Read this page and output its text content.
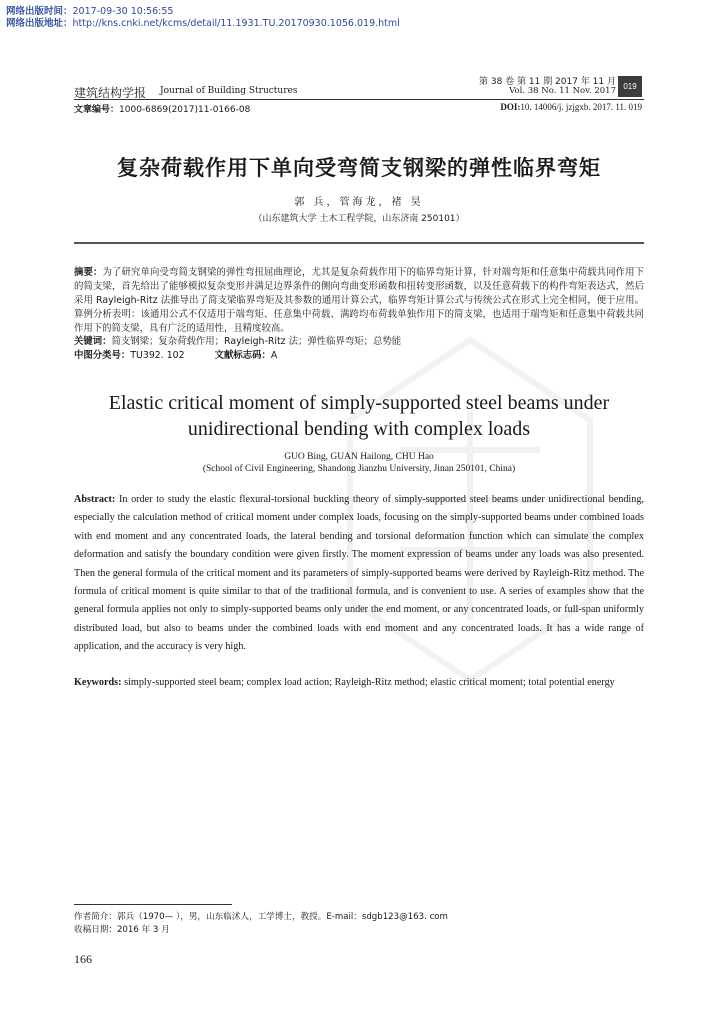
网络出版时间：2017-09-30 10:56:55
网络出版地址：http://kns.cnki.net/kcms/detail/11.1931.TU.20170930.1056.019.html
建筑结构学报 Journal of Building Structures
第 38 卷 第 11 期 2017 年 11 月
Vol. 38 No. 11 Nov. 2017 019
文章编号：1000-6869(2017)11-0166-08	DOI:10. 14006/j. jzjgxb. 2017. 11. 019
复杂荷载作用下单向受弯简支钢梁的弹性临界弯矩
郭 兵，管海龙，褚 昊
（山东建筑大学 土木工程学院，山东济南 250101）
摘要：为了研究单向受弯简支钢梁的弹性弯扭屈曲理论，尤其是复杂荷载作用下的临界弯矩计算，针对端弯矩和任意集中荷载共同作用下的简支梁，首先给出了能够模拟复杂变形并满足边界条件的侧向弯曲变形函数和扭转变形函数，以及任意荷载下的构件弯矩表达式，然后采用 Rayleigh-Ritz 法推导出了简支梁临界弯矩及其参数的通用计算公式，临界弯矩计算公式与传统公式在形式上完全相同，便于应用。算例分析表明：该通用公式不仅适用于端弯矩、任意集中荷载、满跨均布荷载单独作用下的简支梁，也适用于端弯矩和任意集中荷载共同作用下的简支梁，具有广泛的适用性，且精度较高。
关键词：简支钢梁；复杂荷载作用；Rayleigh-Ritz 法；弹性临界弯矩；总势能
中图分类号：TU392. 102	文献标志码：A
Elastic critical moment of simply-supported steel beams under unidirectional bending with complex loads
GUO Bing, GUAN Hailong, CHU Hao
(School of Civil Engineering, Shandong Jianzhu University, Jinan 250101, China)
Abstract: In order to study the elastic flexural-torsional buckling theory of simply-supported steel beams under unidirectional bending, especially the calculation method of critical moment under complex loads, focusing on the simply-supported beams under combined loads with end moment and any concentrated loads, the lateral bending and torsional deformation function which can simulate the complex deformation and satisfy the boundary condition were given firstly. The moment expression of beams under any loads was also presented. Then the general formula of the critical moment and its parameters of simply-supported beams were derived by Rayleigh-Ritz method. The formula of critical moment is quite similar to that of the traditional formula, and is convenient to use. A series of examples show that the general formula applies not only to simply-supported beams only under the end moment, or any concentrated loads, or full-span uniformly distributed load, but also to beams under the combined loads with end moment and any concentrated loads. It has a wide range of application, and the accuracy is very high.
Keywords: simply-supported steel beam; complex load action; Rayleigh-Ritz method; elastic critical moment; total potential energy
作者简介：郭兵（1970— ），男，山东临沭人，工学博士，教授。E-mail：sdgb123@163. com
收稿日期：2016 年 3 月
166
